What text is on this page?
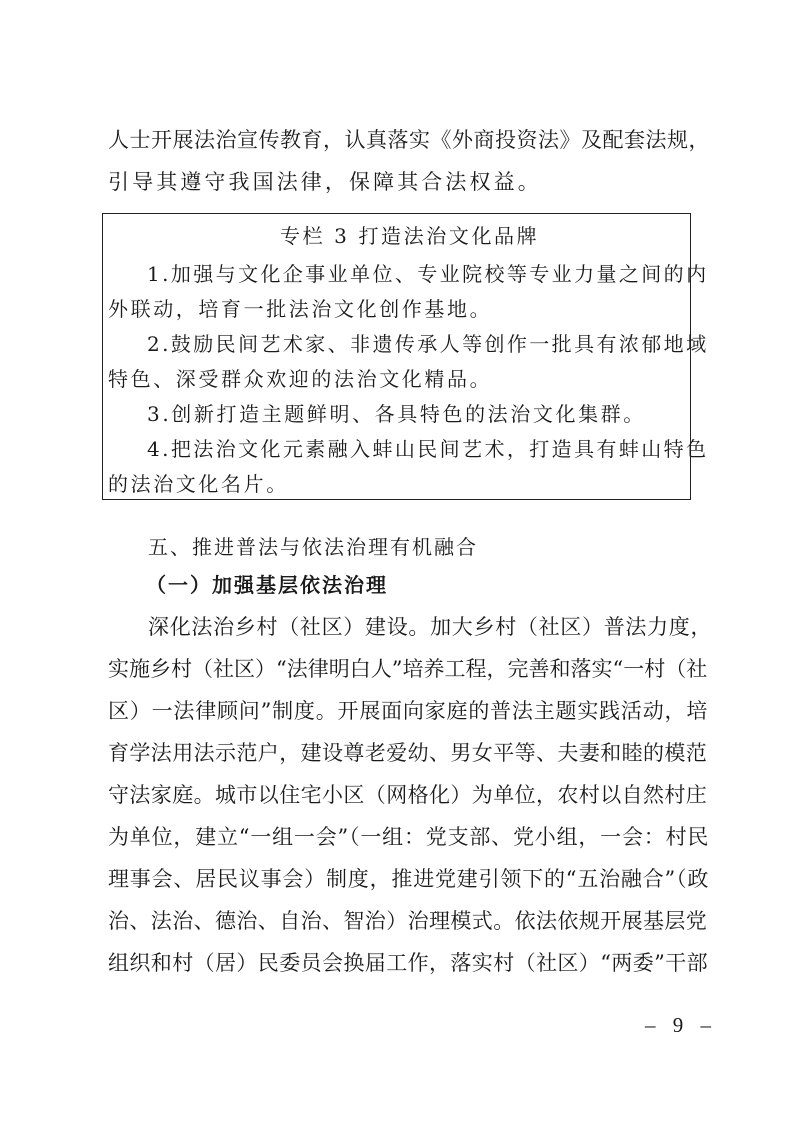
人士开展法治宣传教育，认真落实《外商投资法》及配套法规，
引导其遵守我国法律，保障其合法权益。
专栏 3 打造法治文化品牌
1.加强与文化企事业单位、专业院校等专业力量之间的内
外联动，培育一批法治文化创作基地。
2.鼓励民间艺术家、非遗传承人等创作一批具有浓郁地域
特色、深受群众欢迎的法治文化精品。
3.创新打造主题鲜明、各具特色的法治文化集群。
4.把法治文化元素融入蚌山民间艺术，打造具有蚌山特色
的法治文化名片。
五、推进普法与依法治理有机融合
（一）加强基层依法治理
深化法治乡村（社区）建设。加大乡村（社区）普法力度，
实施乡村（社区）“法律明白人”培养工程，完善和落实“一村（社
区）一法律顾问”制度。开展面向家庭的普法主题实践活动，培
育学法用法示范户，建设尊老爱幼、男女平等、夫妻和睦的模范
守法家庭。城市以住宅小区（网格化）为单位，农村以自然村庄
为单位，建立“一组一会”（一组：党支部、党小组，一会：村民
理事会、居民议事会）制度，推进党建引领下的“五治融合”（政
治、法治、德治、自治、智治）治理模式。依法依规开展基层党
组织和村（居）民委员会换届工作，落实村（社区）“两委”干部
– 9 –
